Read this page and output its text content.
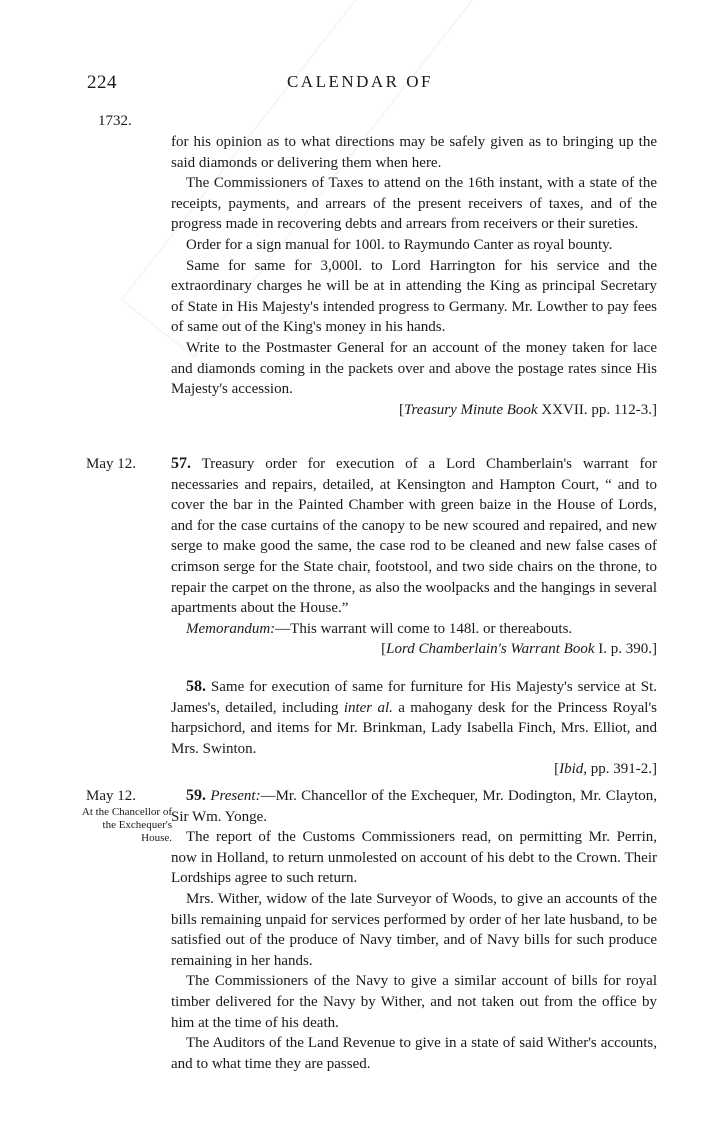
224	CALENDAR OF
1732.

for his opinion as to what directions may be safely given as to bringing up the said diamonds or delivering them when here.

The Commissioners of Taxes to attend on the 16th instant, with a state of the receipts, payments, and arrears of the present receivers of taxes, and of the progress made in recovering debts and arrears from receivers or their sureties.

Order for a sign manual for 100l. to Raymundo Canter as royal bounty.

Same for same for 3,000l. to Lord Harrington for his service and the extraordinary charges he will be at in attending the King as principal Secretary of State in His Majesty's intended progress to Germany. Mr. Lowther to pay fees of same out of the King's money in his hands.

Write to the Postmaster General for an account of the money taken for lace and diamonds coming in the packets over and above the postage rates since His Majesty's accession.

[Treasury Minute Book XXVII. pp. 112-3.]
May 12. 57. Treasury order for execution of a Lord Chamberlain's warrant for necessaries and repairs, detailed, at Kensington and Hampton Court, “ and to cover the bar in the Painted Chamber with green baize in the House of Lords, and for the case curtains of the canopy to be new scoured and repaired, and new serge to make good the same, the case rod to be cleaned and new false cases of crimson serge for the State chair, footstool, and two side chairs on the throne, to repair the carpet on the throne, as also the woolpacks and the hangings in several apartments about the House.”

Memorandum:—This warrant will come to 148l. or thereabouts.

[Lord Chamberlain's Warrant Book I. p. 390.]

58. Same for execution of same for furniture for His Majesty's service at St. James's, detailed, including inter al. a mahogany desk for the Princess Royal's harpsichord, and items for Mr. Brinkman, Lady Isabella Finch, Mrs. Elliot, and Mrs. Swinton.

[Ibid, pp. 391-2.]
May 12.
At the Chancellor of the Exchequer's House.

59. Present:—Mr. Chancellor of the Exchequer, Mr. Dodington, Mr. Clayton, Sir Wm. Yonge.

The report of the Customs Commissioners read, on permitting Mr. Perrin, now in Holland, to return unmolested on account of his debt to the Crown. Their Lordships agree to such return.

Mrs. Wither, widow of the late Surveyor of Woods, to give an accounts of the bills remaining unpaid for services performed by order of her late husband, to be satisfied out of the produce of Navy timber, and of Navy bills for such produce remaining in her hands.

The Commissioners of the Navy to give a similar account of bills for royal timber delivered for the Navy by Wither, and not taken out from the office by him at the time of his death.

The Auditors of the Land Revenue to give in a state of said Wither's accounts, and to what time they are passed.
